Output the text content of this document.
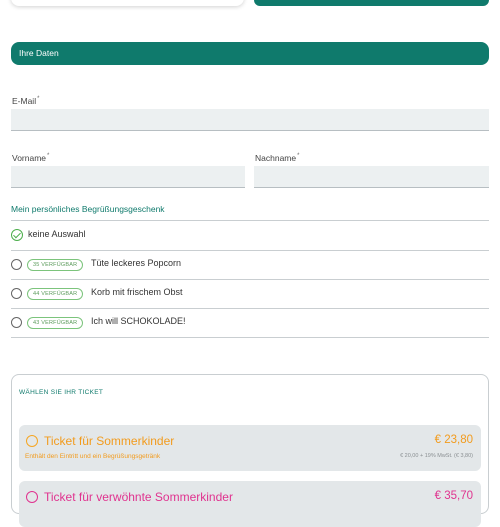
Ihre Daten
E-Mail*
Vorname*	Nachname*
Mein persönliches Begrüßungsgeschenk
keine Auswahl
35 VERFÜGBAR	Tüte leckeres Popcorn
44 VERFÜGBAR	Korb mit frischem Obst
43 VERFÜGBAR	Ich will SCHOKOLADE!
WÄHLEN SIE IHR TICKET
Ticket für Sommerkinder
Enthält den Eintritt und ein Begrüßungsgetränk
€ 23,80
€ 20,00 + 19% MwSt. (€ 3,80)
Ticket für verwöhnte Sommerkinder	€ 35,70
